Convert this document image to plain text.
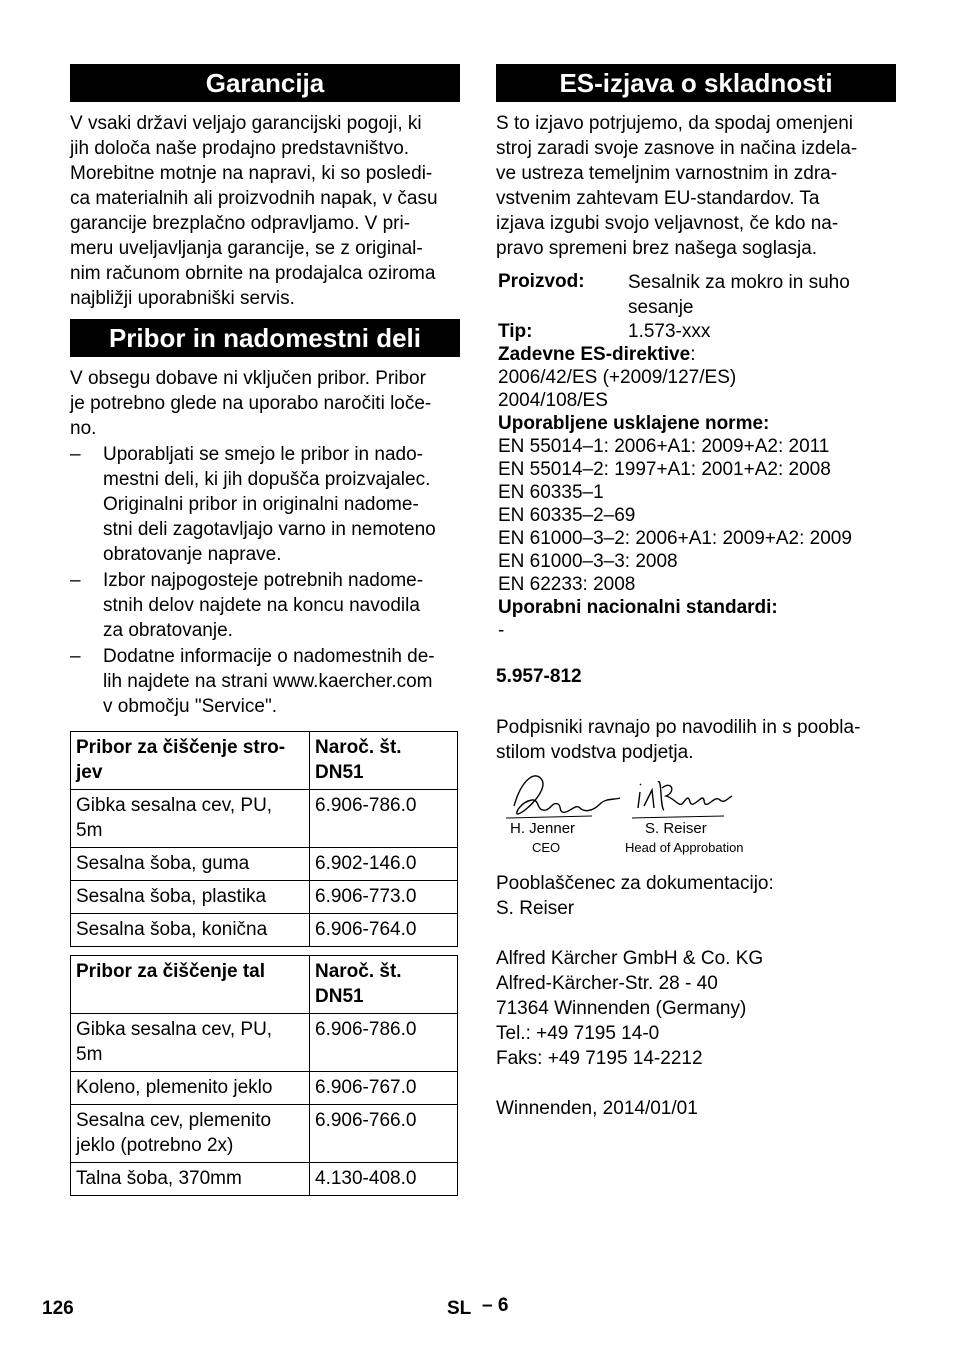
Garancija
V vsaki državi veljajo garancijski pogoji, ki
jih določa naše prodajno predstavništvo.
Morebitne motnje na napravi, ki so posledi-
ca materialnih ali proizvodnih napak, v času
garancije brezplačno odpravljamo. V pri-
meru uveljavljanja garancije, se z original-
nim računom obrnite na prodajalca oziroma
najbližji uporabniški servis.
Pribor in nadomestni deli
V obsegu dobave ni vključen pribor. Pribor
je potrebno glede na uporabo naročiti loče-
no.
– Uporabljati se smejo le pribor in nado-
mestni deli, ki jih dopušča proizvajalec.
Originalni pribor in originalni nadome-
stni deli zagotavljajo varno in nemoteno
obratovanje naprave.
– Izbor najpogosteje potrebnih nadome-
stnih delov najdete na koncu navodila
za obratovanje.
– Dodatne informacije o nadomestnih de-
lih najdete na strani www.kaercher.com
v območju "Service".
Pribor za čiščenje stro-
jev	Naroč. št.
DN51
Gibka sesalna cev, PU,
5m	6.906-786.0
Sesalna šoba, guma	6.902-146.0
Sesalna šoba, plastika	6.906-773.0
Sesalna šoba, konična	6.906-764.0
Pribor za čiščenje tal	Naroč. št.
DN51
Gibka sesalna cev, PU,
5m	6.906-786.0
Koleno, plemenito jeklo	6.906-767.0
Sesalna cev, plemenito
jeklo (potrebno 2x)	6.906-766.0
Talna šoba, 370mm	4.130-408.0
ES-izjava o skladnosti
S to izjavo potrjujemo, da spodaj omenjeni
stroj zaradi svoje zasnove in načina izdela-
ve ustreza temeljnim varnostnim in zdra-
vstvenim zahtevam EU-standardov. Ta
izjava izgubi svojo veljavnost, če kdo na-
pravo spremeni brez našega soglasja.
Proizvod:	Sesalnik za mokro in suho
sesanje
Tip:	1.573-xxx
Zadevne ES-direktive:
2006/42/ES (+2009/127/ES)
2004/108/ES
Uporabljene usklajene norme:
EN 55014–1: 2006+A1: 2009+A2: 2011
EN 55014–2: 1997+A1: 2001+A2: 2008
EN 60335–1
EN 60335–2–69
EN 61000–3–2: 2006+A1: 2009+A2: 2009
EN 61000–3–3: 2008
EN 62233: 2008
Uporabni nacionalni standardi:
-
5.957-812
Podpisniki ravnajo po navodilih in s poobla-
stilom vodstva podjetja.
H. Jenner
CEO
S. Reiser
Head of Approbation
Pooblaščenec za dokumentacijo:
S. Reiser
Alfred Kärcher GmbH & Co. KG
Alfred-Kärcher-Str. 28 - 40
71364 Winnenden (Germany)
Tel.: +49 7195 14-0
Faks: +49 7195 14-2212
Winnenden, 2014/01/01
126	SL – 6
